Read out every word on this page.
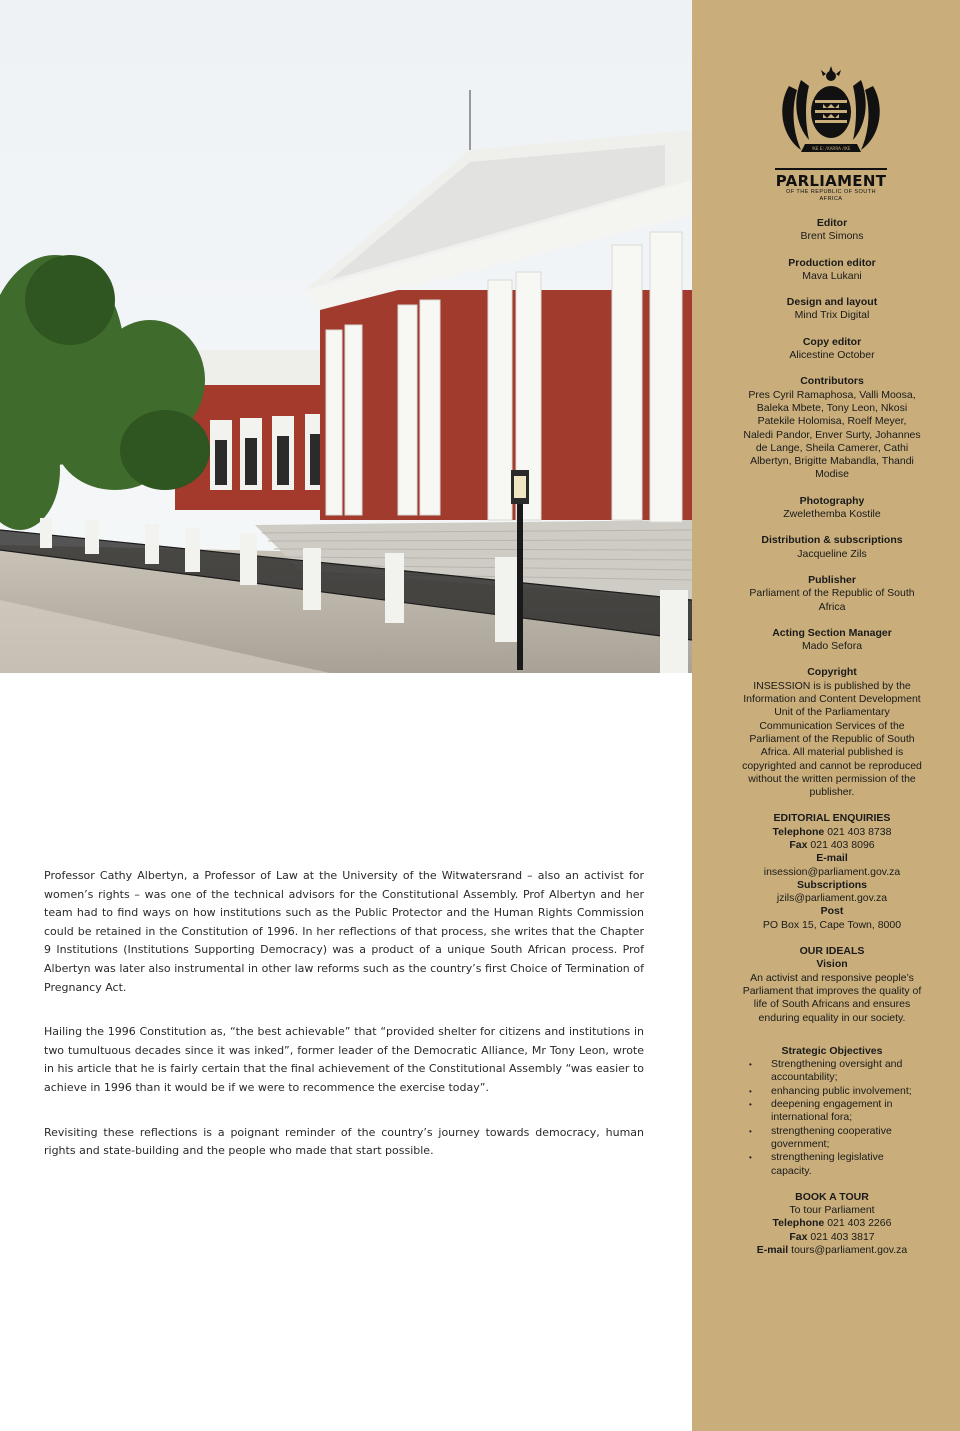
Professor Cathy Albertyn, a Professor of Law at the University of the Witwatersrand – also an activist for women’s rights – was one of the technical advisors for the Constitutional Assembly. Prof Albertyn and her team had to find ways on how institutions such as the Public Protector and the Human Rights Commission could be retained in the Constitution of 1996. In her reflections of that process, she writes that the Chapter 9 Institutions (Institutions Supporting Democracy) was a product of a unique South African process. Prof Albertyn was later also instrumental in other law reforms such as the country’s first Choice of Termination of Pregnancy Act.

Hailing the 1996 Constitution as, “the best achievable” that “provided shelter for citizens and institutions in two tumultuous decades since it was inked”, former leader of the Democratic Alliance, Mr Tony Leon, wrote in his article that he is fairly certain that the final achievement of the Constitutional Assembly “was easier to achieve in 1996 than it would be if we were to recommence the exercise today”.

Revisiting these reflections is a poignant reminder of the country’s journey towards democracy, human rights and state-building and the people who made that start possible.

!KE E: /XARRA //KE
PARLIAMENT
OF THE REPUBLIC OF SOUTH AFRICA
Editor
Brent Simons
Production editor
Mava Lukani
Design and layout
Mind Trix Digital
Copy editor
Alicestine October
Contributors
Pres Cyril Ramaphosa, Valli Moosa, Baleka Mbete, Tony Leon, Nkosi Patekile Holomisa, Roelf Meyer, Naledi Pandor, Enver Surty, Johannes de Lange, Sheila Camerer, Cathi Albertyn, Brigitte Mabandla, Thandi Modise
Photography
Zwelethemba Kostile
Distribution & subscriptions
Jacqueline Zils
Publisher
Parliament of the Republic of South Africa
Acting Section Manager
Mado Sefora
Copyright
INSESSION is is published by the Information and Content Development Unit of the Parliamentary Communication Services of the Parliament of the Republic of South Africa. All material published is copyrighted and cannot be reproduced without the written permission of the publisher.
EDITORIAL ENQUIRIES
Telephone 021 403 8738
Fax 021 403 8096
E-mail
insession@parliament.gov.za
Subscriptions
jzils@parliament.gov.za
Post
PO Box 15, Cape Town, 8000
OUR IDEALS
Vision
An activist and responsive people’s Parliament that improves the quality of life of South Africans and ensures enduring equality in our society.
Strategic Objectives
• Strengthening oversight and accountability;
• enhancing public involvement;
• deepening engagement in international fora;
• strengthening cooperative government;
• strengthening legislative capacity.
BOOK A TOUR
To tour Parliament
Telephone 021 403 2266
Fax 021 403 3817
E-mail tours@parliament.gov.za
